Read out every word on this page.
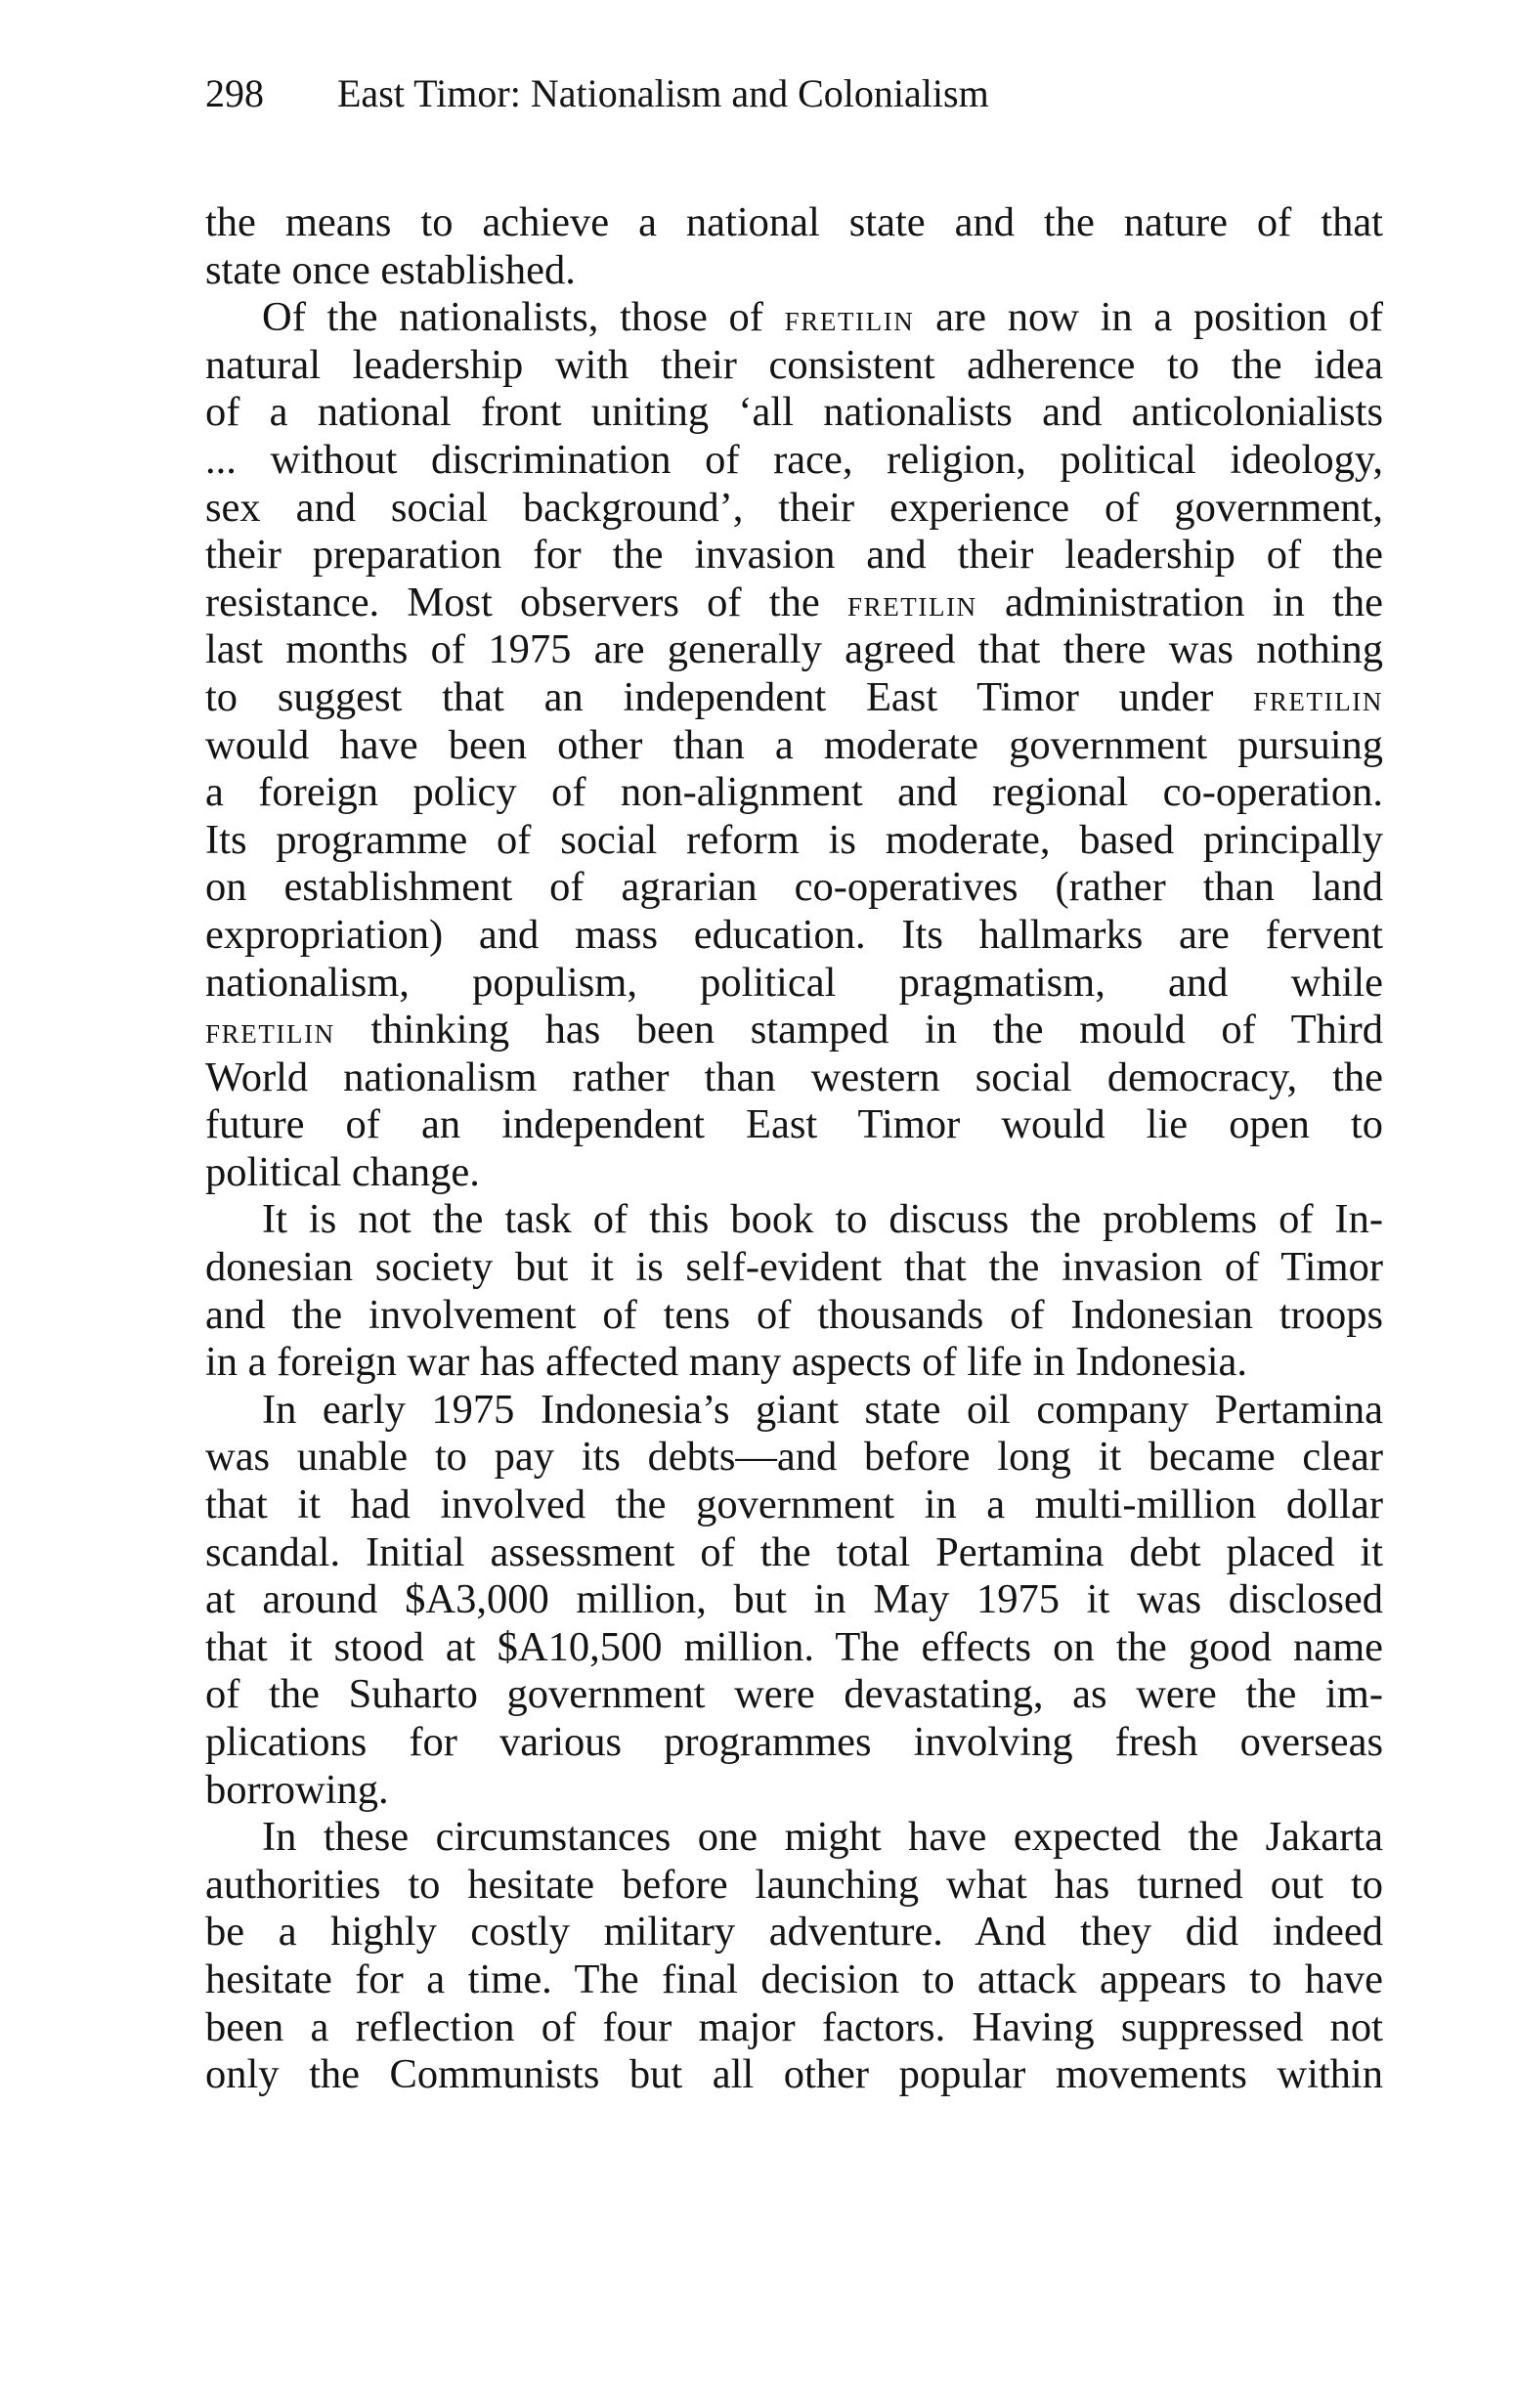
298 East Timor: Nationalism and Colonialism
the means to achieve a national state and the nature of that
state once established.
Of the nationalists, those of FRETILIN are now in a position of
natural leadership with their consistent adherence to the idea
of a national front uniting ‘all nationalists and anticolonialists
... without discrimination of race, religion, political ideology,
sex and social background’, their experience of government,
their preparation for the invasion and their leadership of the
resistance. Most observers of the FRETILIN administration in the
last months of 1975 are generally agreed that there was nothing
to suggest that an independent East Timor under FRETILIN
would have been other than a moderate government pursuing
a foreign policy of non-alignment and regional co-operation.
Its programme of social reform is moderate, based principally
on establishment of agrarian co-operatives (rather than land
expropriation) and mass education. Its hallmarks are fervent
nationalism, populism, political pragmatism, and while
FRETILIN thinking has been stamped in the mould of Third
World nationalism rather than western social democracy, the
future of an independent East Timor would lie open to
political change.
It is not the task of this book to discuss the problems of In-
donesian society but it is self-evident that the invasion of Timor
and the involvement of tens of thousands of Indonesian troops
in a foreign war has affected many aspects of life in Indonesia.
In early 1975 Indonesia’s giant state oil company Pertamina
was unable to pay its debts—and before long it became clear
that it had involved the government in a multi-million dollar
scandal. Initial assessment of the total Pertamina debt placed it
at around $A3,000 million, but in May 1975 it was disclosed
that it stood at $A10,500 million. The effects on the good name
of the Suharto government were devastating, as were the im-
plications for various programmes involving fresh overseas
borrowing.
In these circumstances one might have expected the Jakarta
authorities to hesitate before launching what has turned out to
be a highly costly military adventure. And they did indeed
hesitate for a time. The final decision to attack appears to have
been a reflection of four major factors. Having suppressed not
only the Communists but all other popular movements within
